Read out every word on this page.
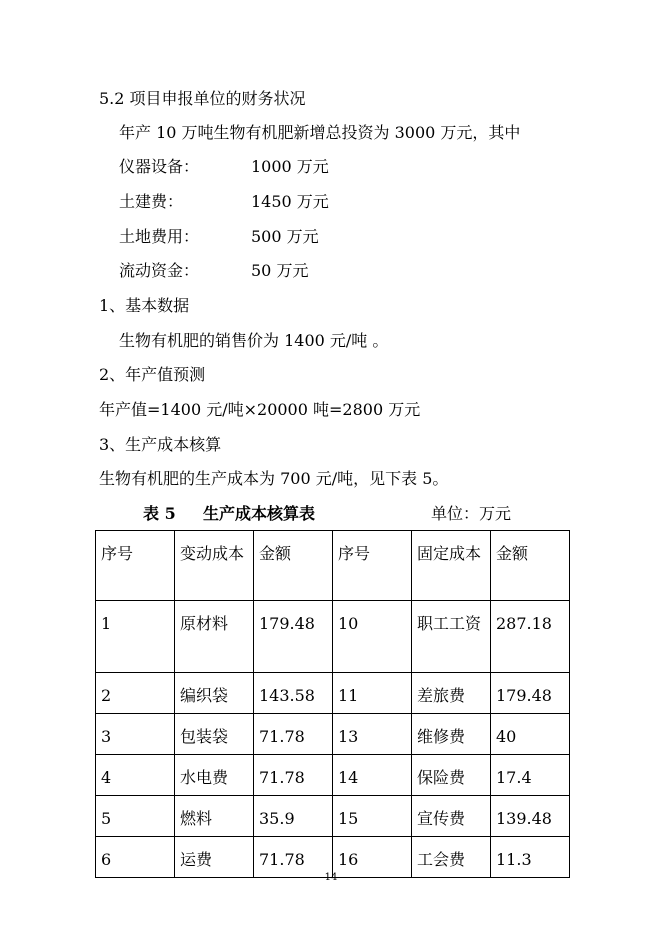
5.2 项目申报单位的财务状况
年产 10 万吨生物有机肥新增总投资为 3000 万元，其中
仪器设备：	1000 万元
土建费：	1450 万元
土地费用：	500 万元
流动资金：	50 万元
1、基本数据
生物有机肥的销售价为 1400 元/吨 。
2、年产值预测
年产值=1400 元/吨×20000 吨=2800 万元
3、生产成本核算
生物有机肥的生产成本为 700 元/吨，见下表 5。
表 5 生产成本核算表	单位：万元
序号	变动成本	金额	序号	固定成本	金额
1	原材料	179.48	10	职工工资	287.18
2	编织袋	143.58	11	差旅费	179.48
3	包装袋	71.78	13	维修费	40
4	水电费	71.78	14	保险费	17.4
5	燃料	35.9	15	宣传费	139.48
6	运费	71.78	16	工会费	11.3
14
